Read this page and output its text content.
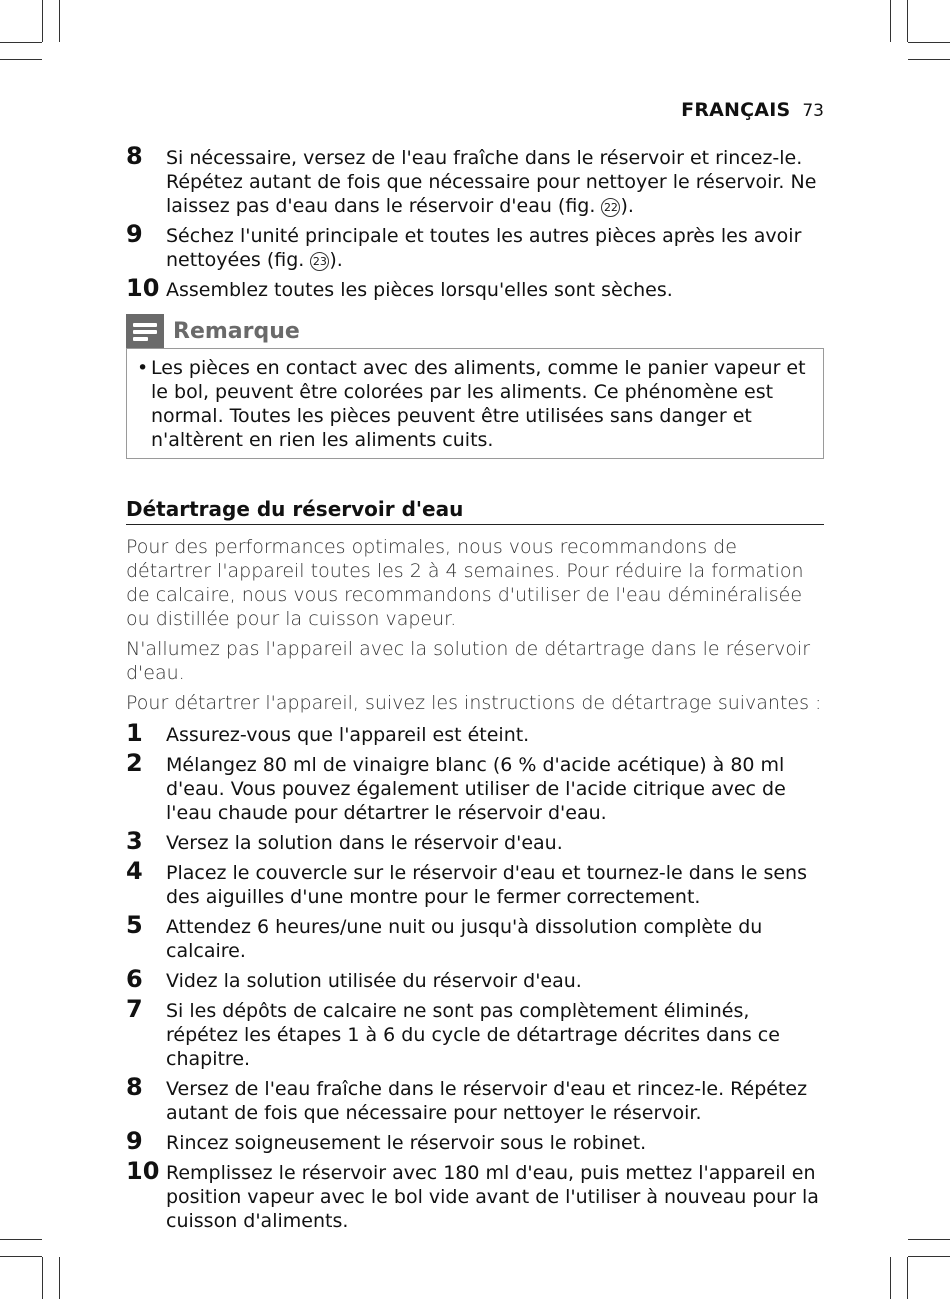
FRANÇAIS 73
8	Si nécessaire, versez de l'eau fraîche dans le réservoir et rincez-le. Répétez autant de fois que nécessaire pour nettoyer le réservoir. Ne laissez pas d'eau dans le réservoir d'eau (fig. 22 ).
9	Séchez l'unité principale et toutes les autres pièces après les avoir nettoyées (fig. 23 ).
10 Assemblez toutes les pièces lorsqu'elles sont sèches.
Remarque
• Les pièces en contact avec des aliments, comme le panier vapeur et le bol, peuvent être colorées par les aliments. Ce phénomène est normal. Toutes les pièces peuvent être utilisées sans danger et n'altèrent en rien les aliments cuits.
Détartrage du réservoir d'eau
Pour des performances optimales, nous vous recommandons de détartrer l'appareil toutes les 2 à 4 semaines. Pour réduire la formation de calcaire, nous vous recommandons d'utiliser de l'eau déminéralisée ou distillée pour la cuisson vapeur.
N'allumez pas l'appareil avec la solution de détartrage dans le réservoir d'eau.
Pour détartrer l'appareil, suivez les instructions de détartrage suivantes :
1	Assurez-vous que l'appareil est éteint.
2	Mélangez 80 ml de vinaigre blanc (6 % d'acide acétique) à 80 ml d'eau. Vous pouvez également utiliser de l'acide citrique avec de l'eau chaude pour détartrer le réservoir d'eau.
3	Versez la solution dans le réservoir d'eau.
4	Placez le couvercle sur le réservoir d'eau et tournez-le dans le sens des aiguilles d'une montre pour le fermer correctement.
5	Attendez 6 heures/une nuit ou jusqu'à dissolution complète du calcaire.
6	Videz la solution utilisée du réservoir d'eau.
7	Si les dépôts de calcaire ne sont pas complètement éliminés, répétez les étapes 1 à 6 du cycle de détartrage décrites dans ce chapitre.
8	Versez de l'eau fraîche dans le réservoir d'eau et rincez-le. Répétez autant de fois que nécessaire pour nettoyer le réservoir.
9	Rincez soigneusement le réservoir sous le robinet.
10 Remplissez le réservoir avec 180 ml d'eau, puis mettez l'appareil en position vapeur avec le bol vide avant de l'utiliser à nouveau pour la cuisson d'aliments.
